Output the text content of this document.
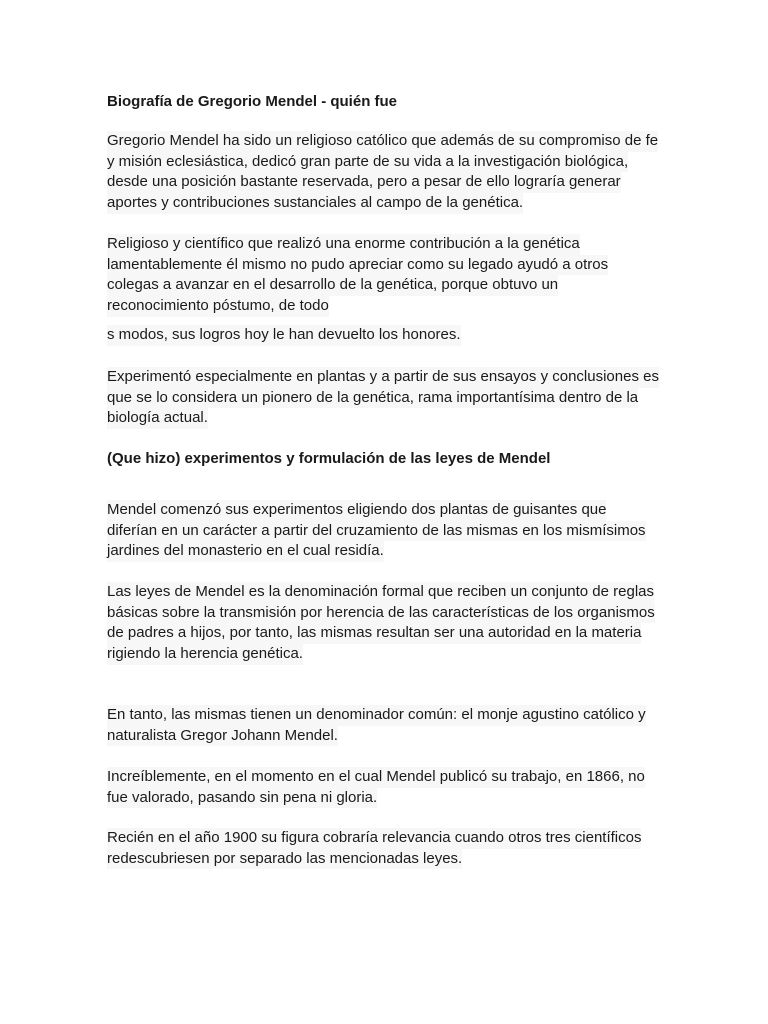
Biografía de Gregorio Mendel - quién fue

Gregorio Mendel ha sido un religioso católico que además de su compromiso de fe
y misión eclesiástica, dedicó gran parte de su vida a la investigación biológica,
desde una posición bastante reservada, pero a pesar de ello lograría generar
aportes y contribuciones sustanciales al campo de la genética.

Religioso y científico que realizó una enorme contribución a la genética
lamentablemente él mismo no pudo apreciar como su legado ayudó a otros
colegas a avanzar en el desarrollo de la genética, porque obtuvo un
reconocimiento póstumo, de todo

s modos, sus logros hoy le han devuelto los honores.

Experimentó especialmente en plantas y a partir de sus ensayos y conclusiones es
que se lo considera un pionero de la genética, rama importantísima dentro de la
biología actual.

(Que hizo) experimentos y formulación de las leyes de Mendel

Mendel comenzó sus experimentos eligiendo dos plantas de guisantes que
diferían en un carácter a partir del cruzamiento de las mismas en los mismísimos
jardines del monasterio en el cual residía.

Las leyes de Mendel es la denominación formal que reciben un conjunto de reglas
básicas sobre la transmisión por herencia de las características de los organismos
de padres a hijos, por tanto, las mismas resultan ser una autoridad en la materia
rigiendo la herencia genética.

En tanto, las mismas tienen un denominador común: el monje agustino católico y
naturalista Gregor Johann Mendel.

Increíblemente, en el momento en el cual Mendel publicó su trabajo, en 1866, no
fue valorado, pasando sin pena ni gloria.

Recién en el año 1900 su figura cobraría relevancia cuando otros tres científicos
redescubriesen por separado las mencionadas leyes.
